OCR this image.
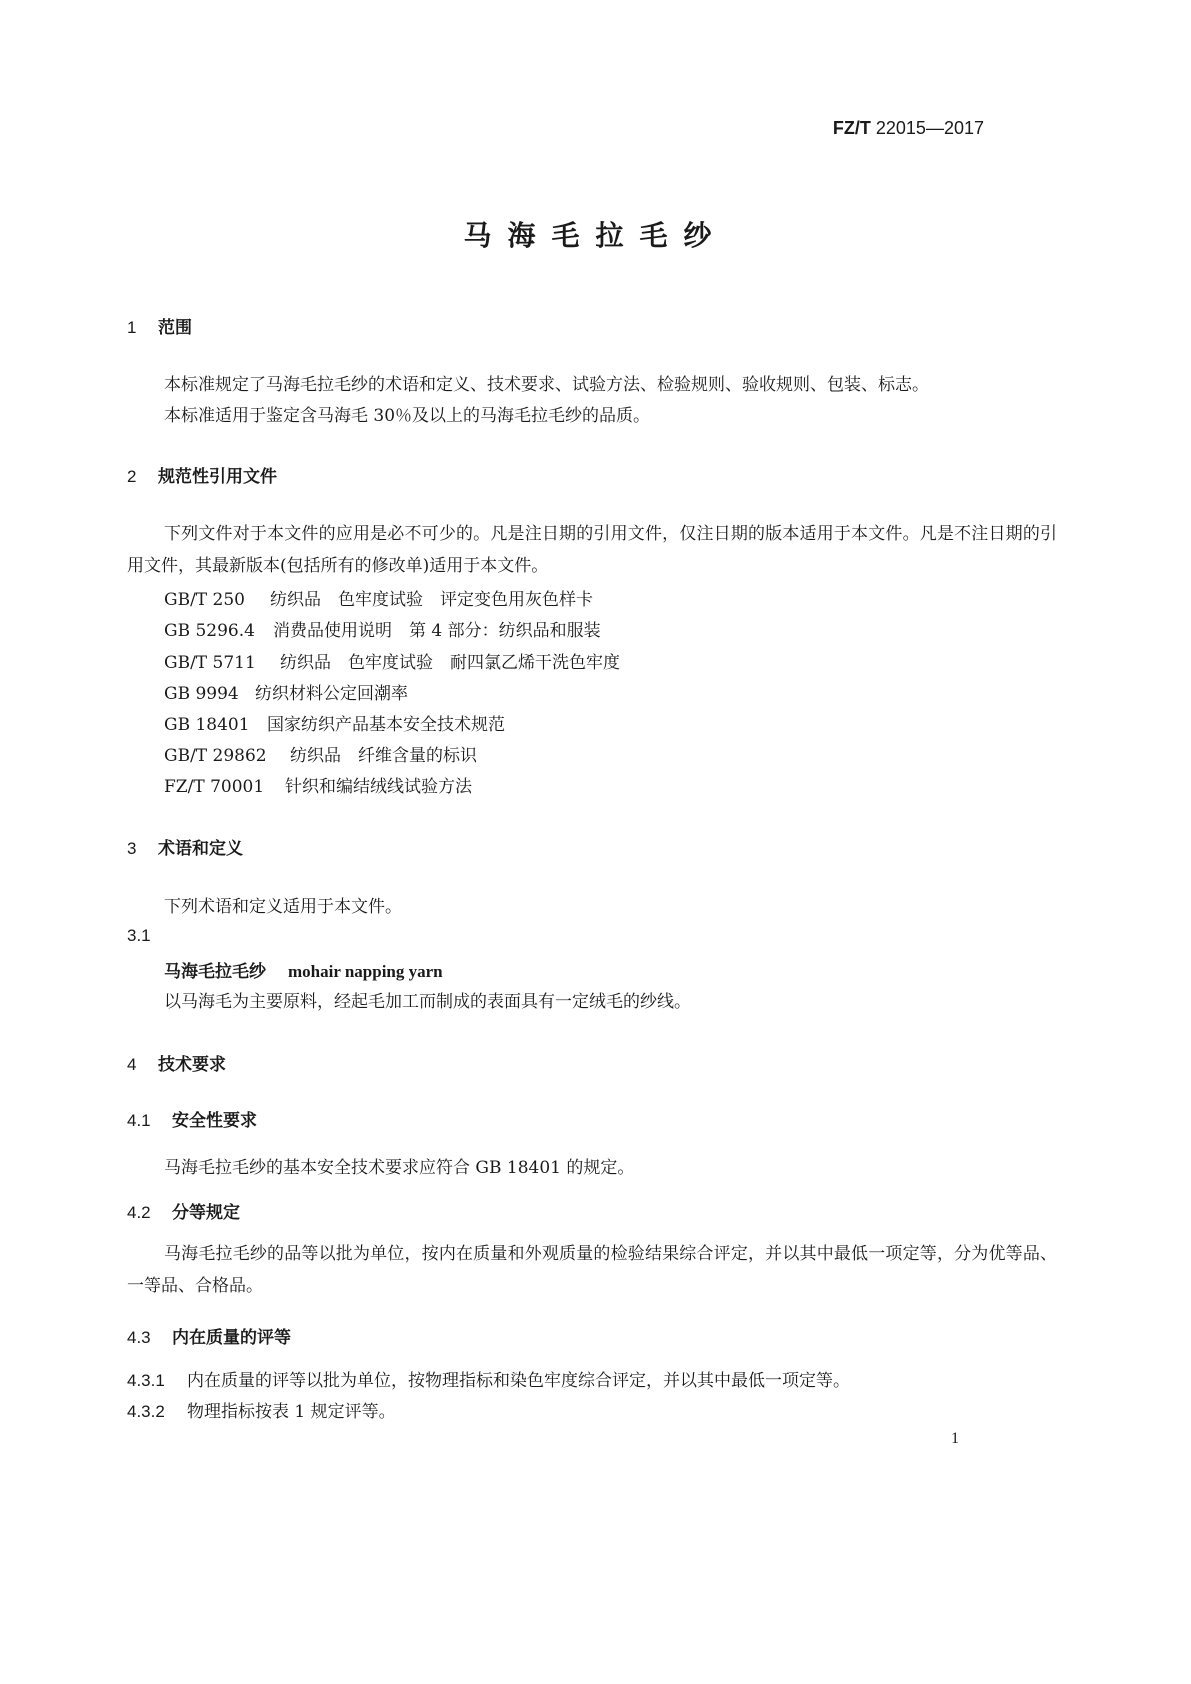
FZ/T 22015—2017
马海毛拉毛纱
1 范围

本标准规定了马海毛拉毛纱的术语和定义、技术要求、试验方法、检验规则、验收规则、包装、标志。

本标准适用于鉴定含马海毛 30％及以上的马海毛拉毛纱的品质。

2 规范性引用文件

下列文件对于本文件的应用是必不可少的。凡是注日期的引用文件，仅注日期的版本适用于本文件。凡是不注日期的引用文件，其最新版本(包括所有的修改单)适用于本文件。

GB/T 250 纺织品　色牢度试验　评定变色用灰色样卡
GB 5296.4 消费品使用说明　第 4 部分：纺织品和服装
GB/T 5711 纺织品　色牢度试验　耐四氯乙烯干洗色牢度
GB 9994 纺织材料公定回潮率
GB 18401 国家纺织产品基本安全技术规范
GB/T 29862 纺织品　纤维含量的标识
FZ/T 70001 针织和编结绒线试验方法
3 术语和定义

下列术语和定义适用于本文件。

3.1
马海毛拉毛纱 mohair napping yarn

以马海毛为主要原料，经起毛加工而制成的表面具有一定绒毛的纱线。

4 技术要求
4.1 安全性要求

马海毛拉毛纱的基本安全技术要求应符合 GB 18401 的规定。

4.2 分等规定

马海毛拉毛纱的品等以批为单位，按内在质量和外观质量的检验结果综合评定，并以其中最低一项定等，分为优等品、一等品、合格品。

4.3 内在质量的评等
4.3.1 内在质量的评等以批为单位，按物理指标和染色牢度综合评定，并以其中最低一项定等。
4.3.2 物理指标按表 1 规定评等。
1
